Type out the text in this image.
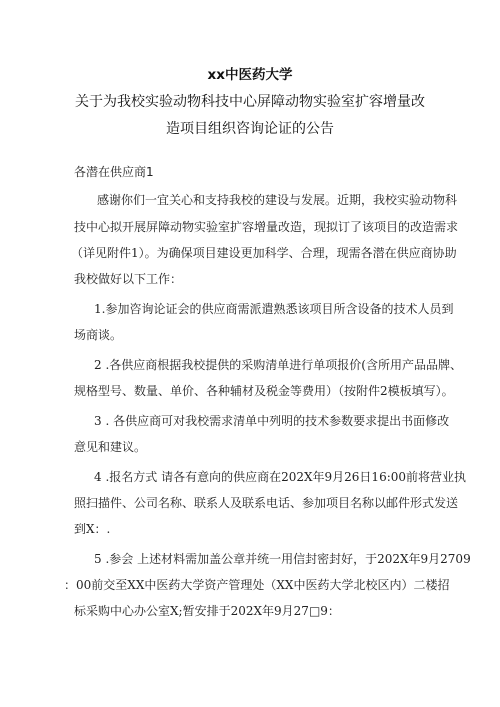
xx中医药大学
关于为我校实验动物科技中心屏障动物实验室扩容增量改
造项目组织咨询论证的公告
各潜在供应商1
感谢你们一宜关心和支持我校的建设与发展。近期，我校实验动物科
技中心拟开展屏障动物实验室扩容增量改造，现拟订了该项目的改造需求
（详见附件1）。为确保项目建设更加科学、合理，现需各潜在供应商协助
我校做好以下工作：
1.参加咨询论证会的供应商需派遣熟悉该项目所含设备的技术人员到
场商谈。
2 .各供应商根据我校提供的采购清单进行单项报价(含所用产品品牌、
规格型号、数量、单价、各种辅材及税金等费用）（按附件2模板填写）。
3 . 各供应商可对我校需求清单中列明的技术参数要求提出书面修改
意见和建议。
4 .报名方式 请各有意向的供应商在202X年9月26日16:00前将营业执
照扫描件、公司名称、联系人及联系电话、参加项目名称以邮件形式发送
到X：.
5 .参会 上述材料需加盖公章并统一用信封密封好，于202X年9月2709
：00前交至XX中医药大学资产管理处（XX中医药大学北校区内）二楼招
标采购中心办公室X;暂安排于202X年9月27□9：
